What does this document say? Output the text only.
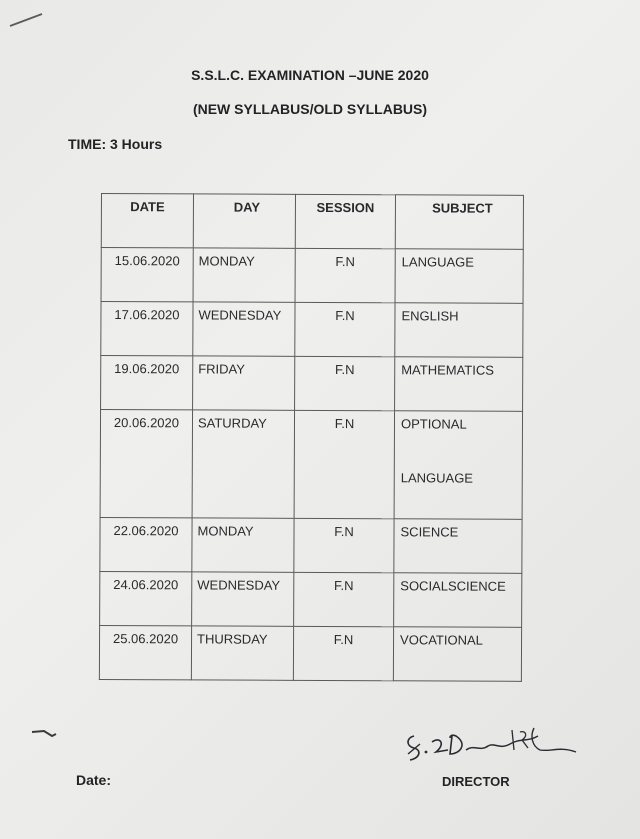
S.S.L.C. EXAMINATION –JUNE 2020
(NEW SYLLABUS/OLD SYLLABUS)
TIME: 3 Hours
DATE	DAY	SESSION	SUBJECT
15.06.2020	MONDAY	F.N	LANGUAGE
17.06.2020	WEDNESDAY	F.N	ENGLISH
19.06.2020	FRIDAY	F.N	MATHEMATICS
20.06.2020	SATURDAY	F.N	OPTIONAL
LANGUAGE

22.06.2020	MONDAY	F.N	SCIENCE
24.06.2020	WEDNESDAY	F.N	SOCIALSCIENCE
25.06.2020	THURSDAY	F.N	VOCATIONAL
Date:	DIRECTOR
